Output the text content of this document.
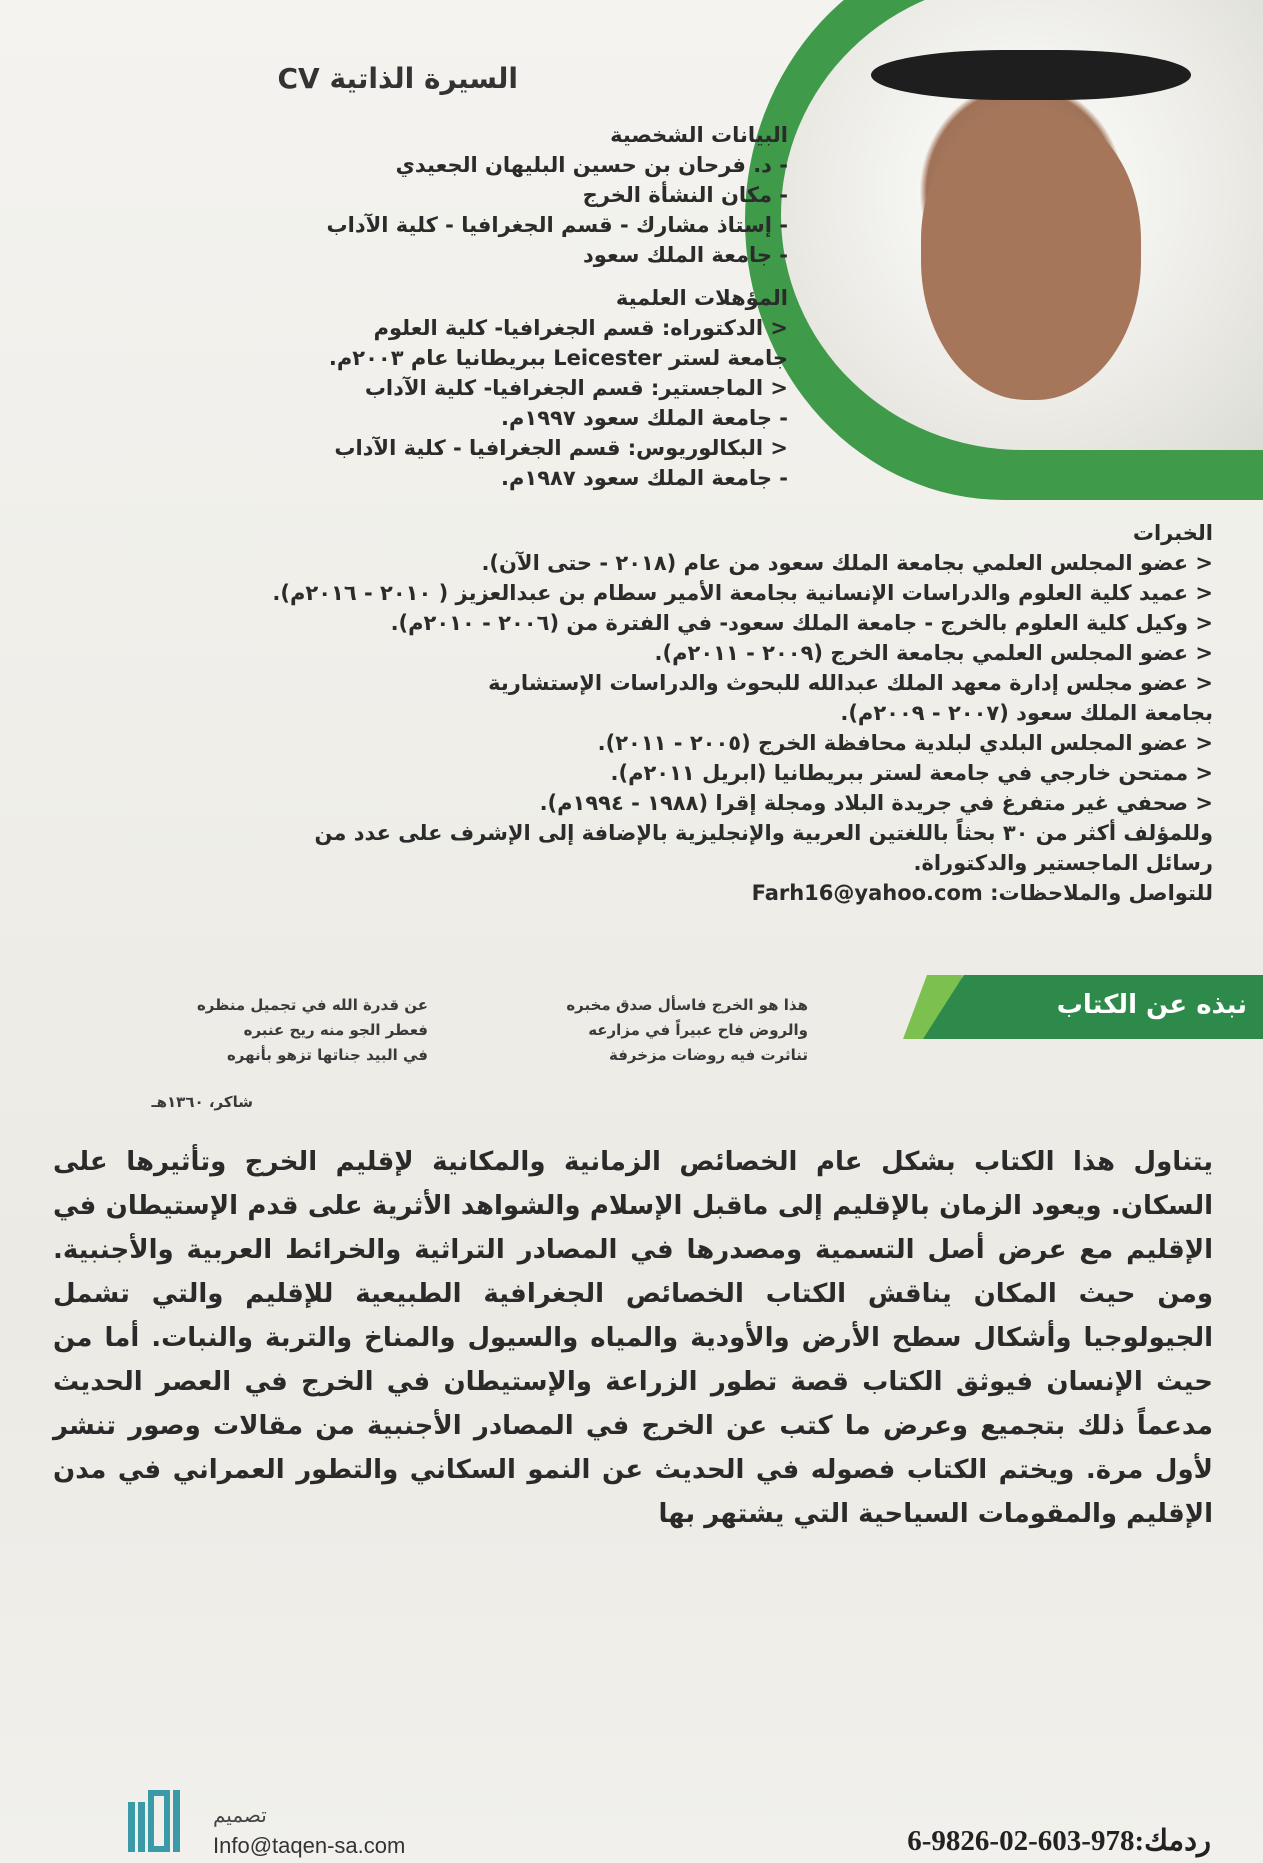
السيرة الذاتية CV
البيانات الشخصية
- د. فرحان بن حسين البليهان الجعيدي
- مكان النشأة الخرج
- إستاذ مشارك - قسم الجغرافيا - كلية الآداب
- جامعة الملك سعود
المؤهلات العلمية
< الدكتوراه: قسم الجغرافيا- كلية العلوم
جامعة لستر Leicester ببريطانيا عام ٢٠٠٣م.
< الماجستير: قسم الجغرافيا- كلية الآداب
- جامعة الملك سعود ١٩٩٧م.
< البكالوريوس: قسم الجغرافيا - كلية الآداب
- جامعة الملك سعود ١٩٨٧م.
الخبرات
< عضو المجلس العلمي بجامعة الملك سعود من عام (٢٠١٨ - حتى الآن).
< عميد كلية العلوم والدراسات الإنسانية بجامعة الأمير سطام بن عبدالعزيز ( ٢٠١٠ - ٢٠١٦م).
< وكيل كلية العلوم بالخرج - جامعة الملك سعود- في الفترة من (٢٠٠٦ - ٢٠١٠م).
< عضو المجلس العلمي بجامعة الخرج (٢٠٠٩ - ٢٠١١م).
< عضو مجلس إدارة معهد الملك عبدالله للبحوث والدراسات الإستشارية
بجامعة الملك سعود (٢٠٠٧ - ٢٠٠٩م).
< عضو المجلس البلدي لبلدية محافظة الخرج (٢٠٠٥ - ٢٠١١).
< ممتحن خارجي في جامعة لستر ببريطانيا (ابريل ٢٠١١م).
< صحفي غير متفرغ في جريدة البلاد ومجلة إقرا (١٩٨٨ - ١٩٩٤م).
وللمؤلف أكثر من ٣٠ بحثاً باللغتين العربية والإنجليزية بالإضافة إلى الإشرف على عدد من
رسائل الماجستير والدكتوراة.
للتواصل والملاحظات: Farh16@yahoo.com
نبذه عن الكتاب
هذا هو الخرج فاسأل صدق مخبره
والروض فاح عبيراً في مزارعه
تناثرت فيه روضات مزخرفة
عن قدرة الله في تجميل منظره
فعطر الجو منه ريح عنبره
في البيد جناتها تزهو بأنهره
شاكر، ١٣٦٠هـ
يتناول هذا الكتاب بشكل عام الخصائص الزمانية والمكانية لإقليم الخرج وتأثيرها على السكان. ويعود الزمان بالإقليم إلى ماقبل الإسلام والشواهد الأثرية على قدم الإستيطان في الإقليم مع عرض أصل التسمية ومصدرها في المصادر التراثية والخرائط العربية والأجنبية. ومن حيث المكان يناقش الكتاب الخصائص الجغرافية الطبيعية للإقليم والتي تشمل الجيولوجيا وأشكال سطح الأرض والأودية والمياه والسيول والمناخ والتربة والنبات. أما من حيث الإنسان فيوثق الكتاب قصة تطور الزراعة والإستيطان في الخرج في العصر الحديث مدعماً ذلك بتجميع وعرض ما كتب عن الخرج في المصادر الأجنبية من مقالات وصور تنشر لأول مرة. ويختم الكتاب فصوله في الحديث عن النمو السكاني والتطور العمراني في مدن الإقليم والمقومات السياحية التي يشتهر بها
تصميم
Info@taqen-sa.com	ردمك:978-603-02-9826-6
